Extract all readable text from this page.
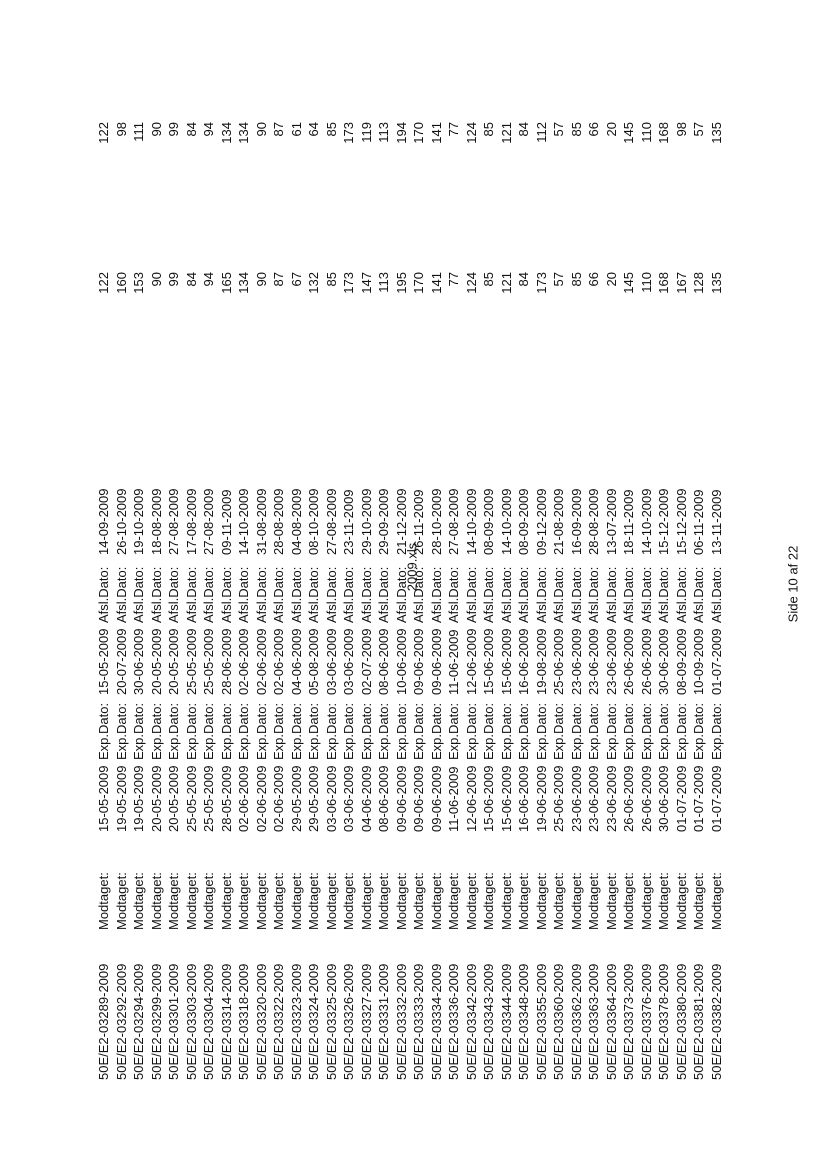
2009.xls
50E/E2-03289-2009
Modtaget:
15-05-2009
Exp.Dato:
15-05-2009
Afsl.Dato:
14-09-2009
122
122
50E/E2-03292-2009
Modtaget:
19-05-2009
Exp.Dato:
20-07-2009
Afsl.Dato:
26-10-2009
160
98
50E/E2-03294-2009
Modtaget:
19-05-2009
Exp.Dato:
30-06-2009
Afsl.Dato:
19-10-2009
153
111
50E/E2-03299-2009
Modtaget:
20-05-2009
Exp.Dato:
20-05-2009
Afsl.Dato:
18-08-2009
90
90
50E/E2-03301-2009
Modtaget:
20-05-2009
Exp.Dato:
20-05-2009
Afsl.Dato:
27-08-2009
99
99
50E/E2-03303-2009
Modtaget:
25-05-2009
Exp.Dato:
25-05-2009
Afsl.Dato:
17-08-2009
84
84
50E/E2-03304-2009
Modtaget:
25-05-2009
Exp.Dato:
25-05-2009
Afsl.Dato:
27-08-2009
94
94
50E/E2-03314-2009
Modtaget:
28-05-2009
Exp.Dato:
28-06-2009
Afsl.Dato:
09-11-2009
165
134
50E/E2-03318-2009
Modtaget:
02-06-2009
Exp.Dato:
02-06-2009
Afsl.Dato:
14-10-2009
134
134
50E/E2-03320-2009
Modtaget:
02-06-2009
Exp.Dato:
02-06-2009
Afsl.Dato:
31-08-2009
90
90
50E/E2-03322-2009
Modtaget:
02-06-2009
Exp.Dato:
02-06-2009
Afsl.Dato:
28-08-2009
87
87
50E/E2-03323-2009
Modtaget:
29-05-2009
Exp.Dato:
04-06-2009
Afsl.Dato:
04-08-2009
67
61
50E/E2-03324-2009
Modtaget:
29-05-2009
Exp.Dato:
05-08-2009
Afsl.Dato:
08-10-2009
132
64
50E/E2-03325-2009
Modtaget:
03-06-2009
Exp.Dato:
03-06-2009
Afsl.Dato:
27-08-2009
85
85
50E/E2-03326-2009
Modtaget:
03-06-2009
Exp.Dato:
03-06-2009
Afsl.Dato:
23-11-2009
173
173
50E/E2-03327-2009
Modtaget:
04-06-2009
Exp.Dato:
02-07-2009
Afsl.Dato:
29-10-2009
147
119
50E/E2-03331-2009
Modtaget:
08-06-2009
Exp.Dato:
08-06-2009
Afsl.Dato:
29-09-2009
113
113
50E/E2-03332-2009
Modtaget:
09-06-2009
Exp.Dato:
10-06-2009
Afsl.Dato:
21-12-2009
195
194
50E/E2-03333-2009
Modtaget:
09-06-2009
Exp.Dato:
09-06-2009
Afsl.Dato:
26-11-2009
170
170
50E/E2-03334-2009
Modtaget:
09-06-2009
Exp.Dato:
09-06-2009
Afsl.Dato:
28-10-2009
141
141
50E/E2-03336-2009
Modtaget:
11-06-2009
Exp.Dato:
11-06-2009
Afsl.Dato:
27-08-2009
77
77
50E/E2-03342-2009
Modtaget:
12-06-2009
Exp.Dato:
12-06-2009
Afsl.Dato:
14-10-2009
124
124
50E/E2-03343-2009
Modtaget:
15-06-2009
Exp.Dato:
15-06-2009
Afsl.Dato:
08-09-2009
85
85
50E/E2-03344-2009
Modtaget:
15-06-2009
Exp.Dato:
15-06-2009
Afsl.Dato:
14-10-2009
121
121
50E/E2-03348-2009
Modtaget:
16-06-2009
Exp.Dato:
16-06-2009
Afsl.Dato:
08-09-2009
84
84
50E/E2-03355-2009
Modtaget:
19-06-2009
Exp.Dato:
19-08-2009
Afsl.Dato:
09-12-2009
173
112
50E/E2-03360-2009
Modtaget:
25-06-2009
Exp.Dato:
25-06-2009
Afsl.Dato:
21-08-2009
57
57
50E/E2-03362-2009
Modtaget:
23-06-2009
Exp.Dato:
23-06-2009
Afsl.Dato:
16-09-2009
85
85
50E/E2-03363-2009
Modtaget:
23-06-2009
Exp.Dato:
23-06-2009
Afsl.Dato:
28-08-2009
66
66
50E/E2-03364-2009
Modtaget:
23-06-2009
Exp.Dato:
23-06-2009
Afsl.Dato:
13-07-2009
20
20
50E/E2-03373-2009
Modtaget:
26-06-2009
Exp.Dato:
26-06-2009
Afsl.Dato:
18-11-2009
145
145
50E/E2-03376-2009
Modtaget:
26-06-2009
Exp.Dato:
26-06-2009
Afsl.Dato:
14-10-2009
110
110
50E/E2-03378-2009
Modtaget:
30-06-2009
Exp.Dato:
30-06-2009
Afsl.Dato:
15-12-2009
168
168
50E/E2-03380-2009
Modtaget:
01-07-2009
Exp.Dato:
08-09-2009
Afsl.Dato:
15-12-2009
167
98
50E/E2-03381-2009
Modtaget:
01-07-2009
Exp.Dato:
10-09-2009
Afsl.Dato:
06-11-2009
128
57
50E/E2-03382-2009
Modtaget:
01-07-2009
Exp.Dato:
01-07-2009
Afsl.Dato:
13-11-2009
135
135
Side 10 af 22
